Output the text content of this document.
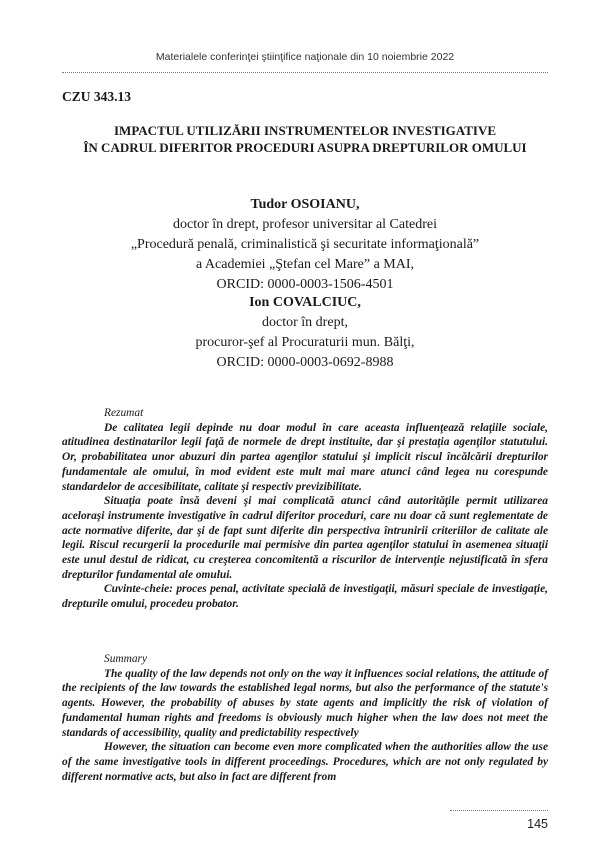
Materialele conferinţei ştiinţifice naţionale din 10 noiembrie 2022
CZU 343.13
IMPACTUL UTILIZĂRII INSTRUMENTELOR INVESTIGATIVE
ÎN CADRUL DIFERITOR PROCEDURI ASUPRA DREPTURILOR OMULUI
Tudor OSOIANU,
doctor în drept, profesor universitar al Catedrei
„Procedură penală, criminalistică şi securitate informaţională”
a Academiei „Ştefan cel Mare” a MAI,
ORCID: 0000-0003-1506-4501
Ion COVALCIUC,
doctor în drept,
procuror-şef al Procuraturii mun. Bălţi,
ORCID: 0000-0003-0692-8988

Rezumat

De calitatea legii depinde nu doar modul în care aceasta influenţează relaţiile sociale, atitudinea destinatarilor legii faţă de normele de drept instituite, dar şi prestaţia agenţilor statutului. Or, probabilitatea unor abuzuri din partea agenţilor statului şi implicit riscul încălcării drepturilor fundamentale ale omului, în mod evident este mult mai mare atunci când legea nu corespunde standardelor de accesibilitate, calitate şi respectiv previzibilitate.

Situaţia poate însă deveni şi mai complicată atunci când autorităţile permit utilizarea aceloraşi instrumente investigative în cadrul diferitor proceduri, care nu doar că sunt reglementate de acte normative diferite, dar şi de fapt sunt diferite din perspectiva întrunirii criteriilor de calitate ale legii. Riscul recurgerii la procedurile mai permisive din partea agenţilor statului în asemenea situaţii este unul destul de ridicat, cu creşterea concomitentă a riscurilor de intervenţie nejustificată în sfera drepturilor fundamental ale omului.

Cuvinte-cheie: proces penal, activitate specială de investigaţii, măsuri speciale de investigaţie, drepturile omului, procedeu probator.

Summary

The quality of the law depends not only on the way it influences social relations, the attitude of the recipients of the law towards the established legal norms, but also the performance of the statute's agents. However, the probability of abuses by state agents and implicitly the risk of violation of fundamental human rights and freedoms is obviously much higher when the law does not meet the standards of accessibility, quality and predictability respectively

However, the situation can become even more complicated when the authorities allow the use of the same investigative tools in different proceedings. Procedures, which are not only regulated by different normative acts, but also in fact are different from

145
